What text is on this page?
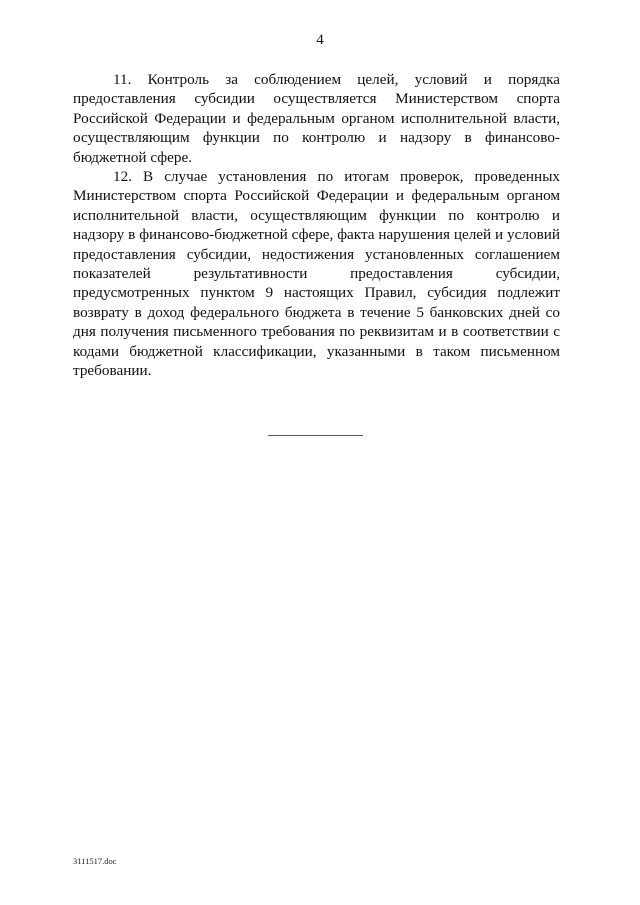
4

11. Контроль за соблюдением целей, условий и порядка предоставления субсидии осуществляется Министерством спорта Российской Федерации и федеральным органом исполнительной власти, осуществляющим функции по контролю и надзору в финансово-бюджетной сфере.

12. В случае установления по итогам проверок, проведенных Министерством спорта Российской Федерации и федеральным органом исполнительной власти, осуществляющим функции по контролю и надзору в финансово-бюджетной сфере, факта нарушения целей и условий предоставления субсидии, недостижения установленных соглашением показателей результативности предоставления субсидии, предусмотренных пунктом 9 настоящих Правил, субсидия подлежит возврату в доход федерального бюджета в течение 5 банковских дней со дня получения письменного требования по реквизитам и в соответствии с кодами бюджетной классификации, указанными в таком письменном требовании.

3111517.doc
